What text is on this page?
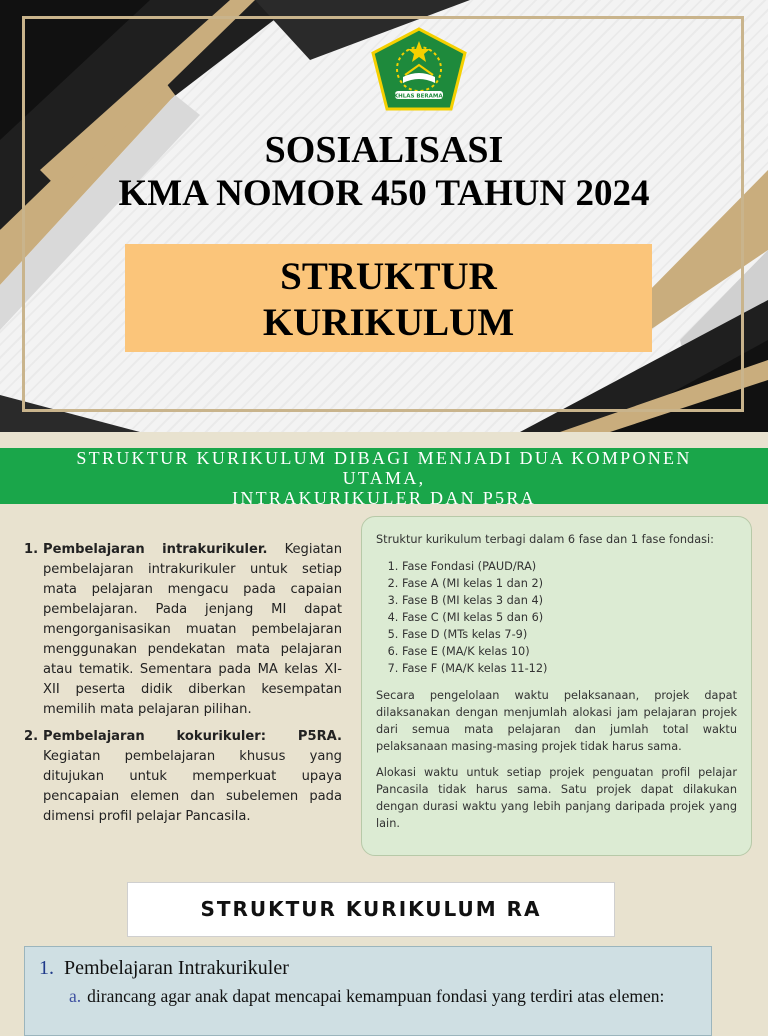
IKHLAS BERAMAL
SOSIALISASI
KMA NOMOR 450 TAHUN 2024
STRUKTUR
KURIKULUM
STRUKTUR KURIKULUM DIBAGI MENJADI DUA KOMPONEN
UTAMA,
INTRAKURIKULER DAN P5RA
1. Pembelajaran intrakurikuler. Kegiatan pembelajaran intrakurikuler untuk setiap mata pelajaran mengacu pada capaian pembelajaran. Pada jenjang MI dapat mengorganisasikan muatan pembelajaran menggunakan pendekatan mata pelajaran atau tematik. Sementara pada MA kelas XI-XII peserta didik diberkan kesempatan memilih mata pelajaran pilihan.
2. Pembelajaran kokurikuler: P5RA. Kegiatan pembelajaran khusus yang ditujukan untuk memperkuat upaya pencapaian elemen dan subelemen pada dimensi profil pelajar Pancasila.
Struktur kurikulum terbagi dalam 6 fase dan 1 fase fondasi:
1. Fase Fondasi (PAUD/RA)
2. Fase A (MI kelas 1 dan 2)
3. Fase B (MI kelas 3 dan 4)
4. Fase C (MI kelas 5 dan 6)
5. Fase D (MTs kelas 7-9)
6. Fase E (MA/K kelas 10)
7. Fase F (MA/K kelas 11-12)

Secara pengelolaan waktu pelaksanaan, projek dapat dilaksanakan dengan menjumlah alokasi jam pelajaran projek dari semua mata pelajaran dan jumlah total waktu pelaksanaan masing-masing projek tidak harus sama.

Alokasi waktu untuk setiap projek penguatan profil pelajar Pancasila tidak harus sama. Satu projek dapat dilakukan dengan durasi waktu yang lebih panjang daripada projek yang lain.

STRUKTUR KURIKULUM RA
1. Pembelajaran Intrakurikuler
a. dirancang agar anak dapat mencapai kemampuan fondasi yang terdiri atas elemen:
